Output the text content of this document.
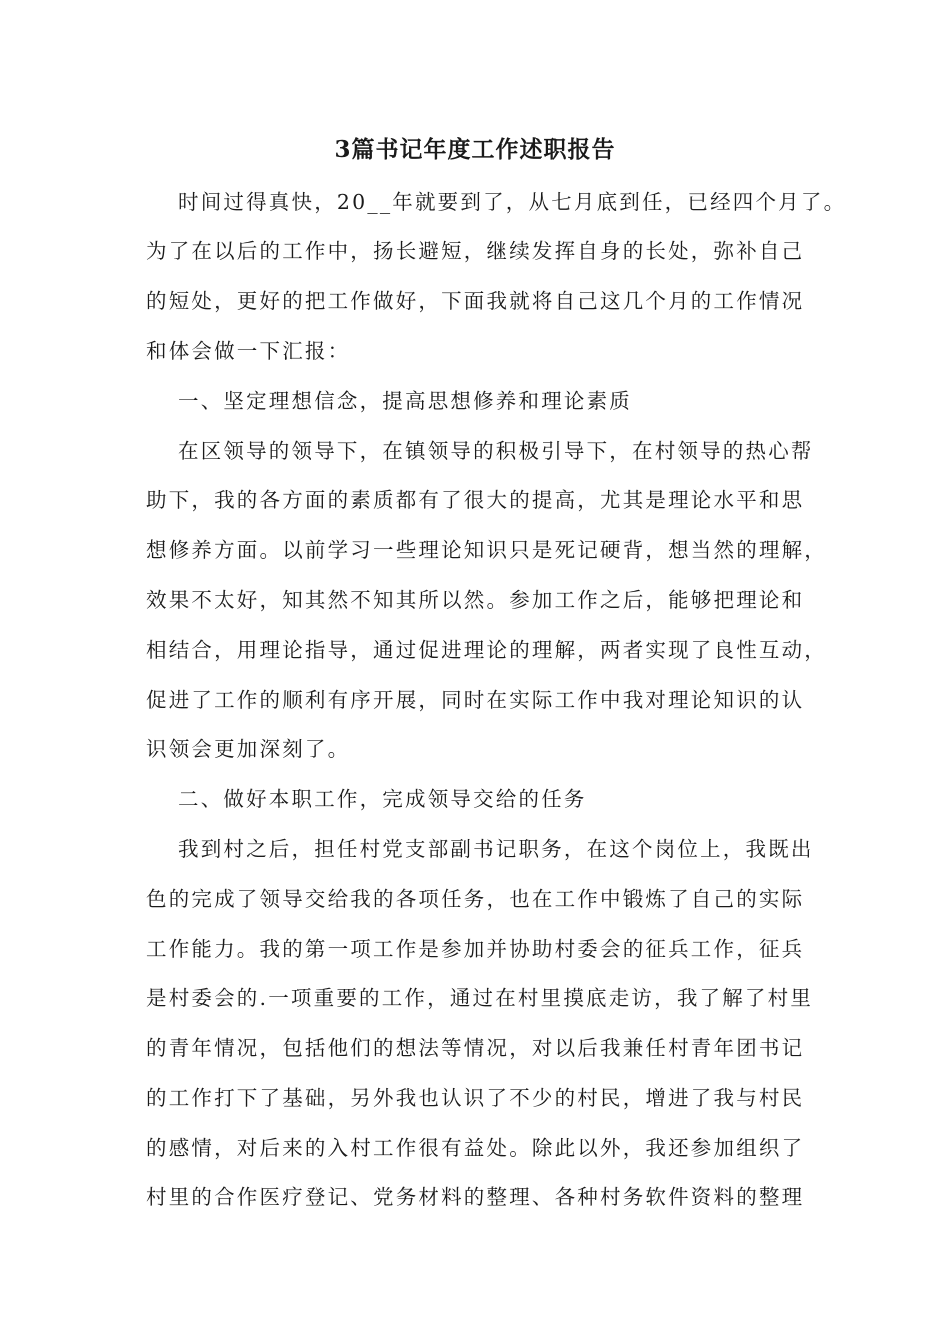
3篇书记年度工作述职报告
时间过得真快，20__年就要到了，从七月底到任，已经四个月了。
为了在以后的工作中，扬长避短，继续发挥自身的长处，弥补自己
的短处，更好的把工作做好，下面我就将自己这几个月的工作情况
和体会做一下汇报：
一、坚定理想信念，提高思想修养和理论素质
在区领导的领导下，在镇领导的积极引导下，在村领导的热心帮
助下，我的各方面的素质都有了很大的提高，尤其是理论水平和思
想修养方面。以前学习一些理论知识只是死记硬背，想当然的理解，
效果不太好，知其然不知其所以然。参加工作之后，能够把理论和
相结合，用理论指导，通过促进理论的理解，两者实现了良性互动，
促进了工作的顺利有序开展，同时在实际工作中我对理论知识的认
识领会更加深刻了。
二、做好本职工作，完成领导交给的任务
我到村之后，担任村党支部副书记职务，在这个岗位上，我既出
色的完成了领导交给我的各项任务，也在工作中锻炼了自己的实际
工作能力。我的第一项工作是参加并协助村委会的征兵工作，征兵
是村委会的.一项重要的工作，通过在村里摸底走访，我了解了村里
的青年情况，包括他们的想法等情况，对以后我兼任村青年团书记
的工作打下了基础，另外我也认识了不少的村民，增进了我与村民
的感情，对后来的入村工作很有益处。除此以外，我还参加组织了
村里的合作医疗登记、党务材料的整理、各种村务软件资料的整理
